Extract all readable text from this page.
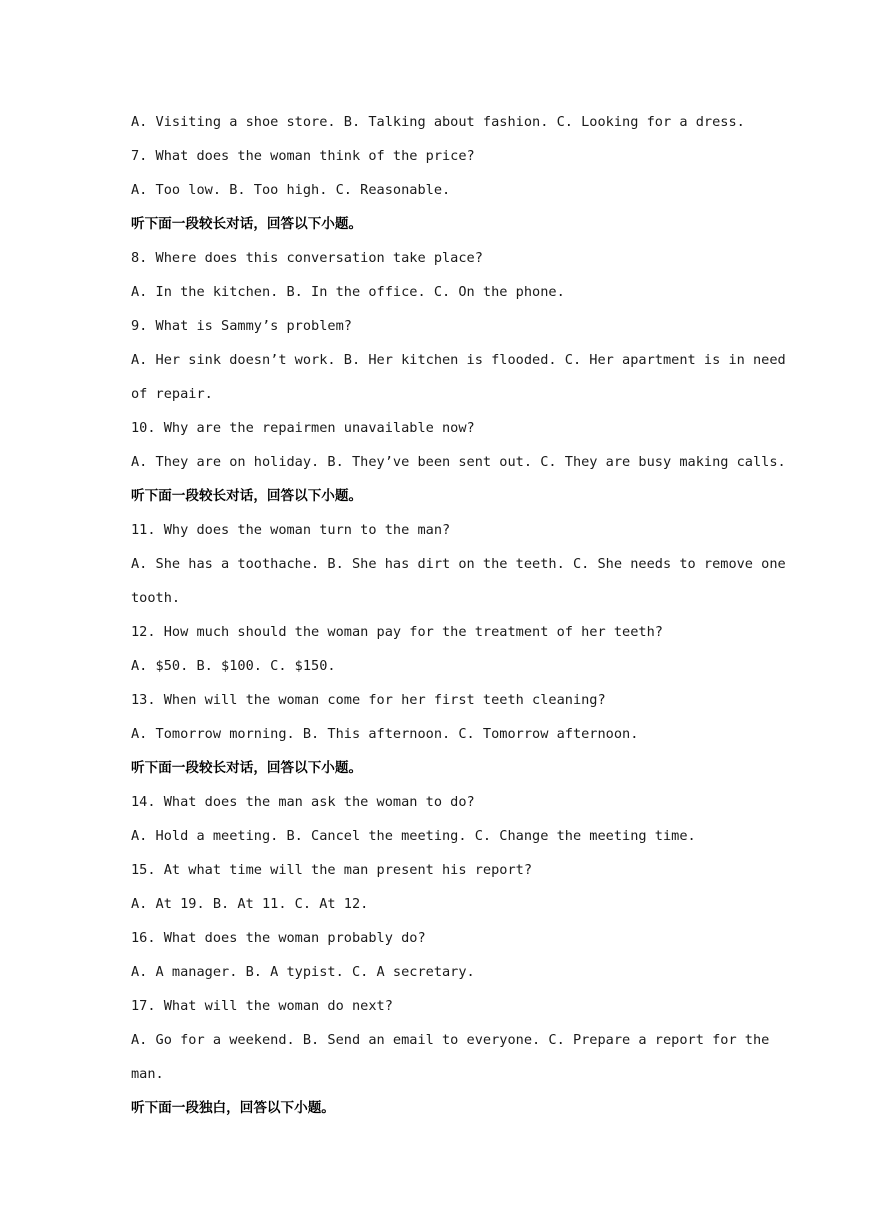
A. Visiting a shoe store. B. Talking about fashion. C. Looking for a dress.
7. What does the woman think of the price?
A. Too low. B. Too high. C. Reasonable.
听下面一段较长对话，回答以下小题。
8. Where does this conversation take place?
A. In the kitchen. B. In the office. C. On the phone.
9. What is Sammy’s problem?
A. Her sink doesn’t work. B. Her kitchen is flooded. C. Her apartment is in need
of repair.
10. Why are the repairmen unavailable now?
A. They are on holiday. B. They’ve been sent out. C. They are busy making calls.
听下面一段较长对话，回答以下小题。
11. Why does the woman turn to the man?
A. She has a toothache. B. She has dirt on the teeth. C. She needs to remove one
tooth.
12. How much should the woman pay for the treatment of her teeth?
A. $50. B. $100. C. $150.
13. When will the woman come for her first teeth cleaning?
A. Tomorrow morning. B. This afternoon. C. Tomorrow afternoon.
听下面一段较长对话，回答以下小题。
14. What does the man ask the woman to do?
A. Hold a meeting. B. Cancel the meeting. C. Change the meeting time.
15. At what time will the man present his report?
A. At 19. B. At 11. C. At 12.
16. What does the woman probably do?
A. A manager. B. A typist. C. A secretary.
17. What will the woman do next?
A. Go for a weekend. B. Send an email to everyone. C. Prepare a report for the
man.
听下面一段独白，回答以下小题。
